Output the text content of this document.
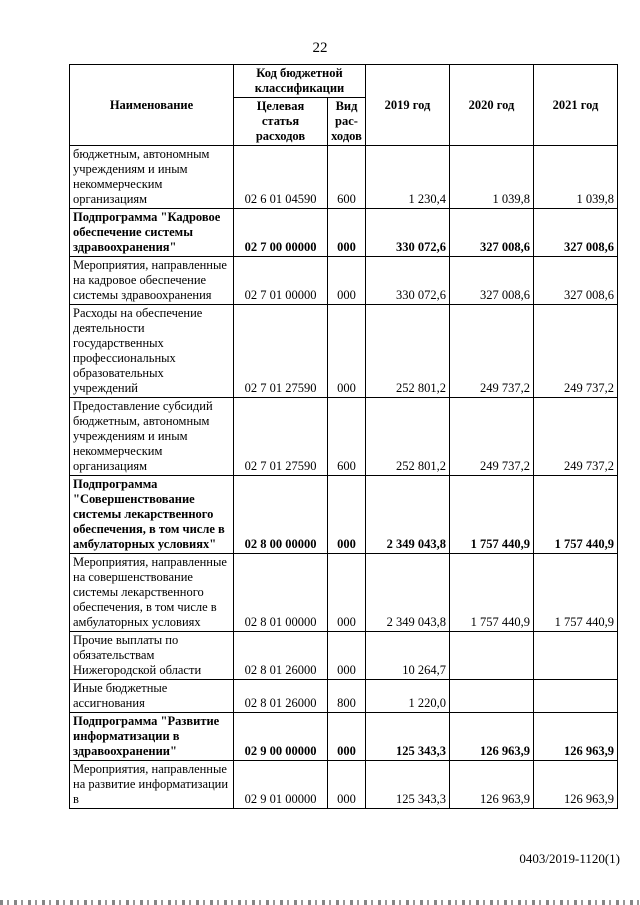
22
Наименование	Код бюджетной классификации		2019 год	2020 год	2021 год
	Целевая статья расходов	Вид рас-ходов			
бюджетным, автономным учреждениям и иным некоммерческим организациям	02 6 01 04590	600	1 230,4	1 039,8	1 039,8
Подпрограмма "Кадровое обеспечение системы здравоохранения"	02 7 00 00000	000	330 072,6	327 008,6	327 008,6
Мероприятия, направленные на кадровое обеспечение системы здравоохранения	02 7 01 00000	000	330 072,6	327 008,6	327 008,6
Расходы на обеспечение деятельности государственных профессиональных образовательных учреждений	02 7 01 27590	000	252 801,2	249 737,2	249 737,2
Предоставление субсидий бюджетным, автономным учреждениям и иным некоммерческим организациям	02 7 01 27590	600	252 801,2	249 737,2	249 737,2
Подпрограмма "Совершенствование системы лекарственного обеспечения, в том числе в амбулаторных условиях"	02 8 00 00000	000	2 349 043,8	1 757 440,9	1 757 440,9
Мероприятия, направленные на совершенствование системы лекарственного обеспечения, в том числе в амбулаторных условиях	02 8 01 00000	000	2 349 043,8	1 757 440,9	1 757 440,9
Прочие выплаты по обязательствам Нижегородской области	02 8 01 26000	000	10 264,7		
Иные бюджетные ассигнования	02 8 01 26000	800	1 220,0		
Подпрограмма "Развитие информатизации в здравоохранении"	02 9 00 00000	000	125 343,3	126 963,9	126 963,9
Мероприятия, направленные на развитие информатизации в	02 9 01 00000	000	125 343,3	126 963,9	126 963,9
0403/2019-1120(1)
